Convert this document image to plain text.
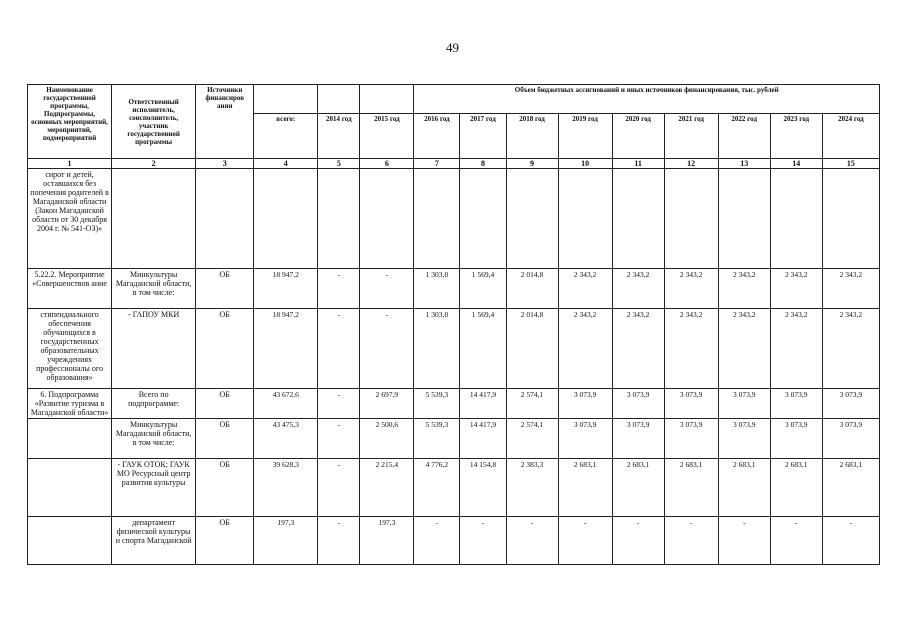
49
Наименование государственной программы, Подпрограммы, основных мероприятий, мероприятий, подмероприятий	Ответственный исполнитель, соисполнитель, участник государственной программы	Источники финансиров ания				Объем бюджетных ассигнований и иных источников финансирования, тыс. рублей								
			всего:	2014 год	2015 год	2016 год	2017 год	2018 год	2019 год	2020 год	2021 год	2022 год	2023 год	2024 год
1	2	3	4	5	6	7	8	9	10	11	12	13	14	15
сирот и детей, оставшихся без попечения родителей в Магаданской области (Закон Магаданской области от 30 декабря 2004 г. № 541-ОЗ)»														
5.22.2. Мероприятие «Совершенствов ание	Минкультуры Магаданской области, в том числе:	ОБ	18 947,2	-	-	1 303,8	1 569,4	2 014,8	2 343,2	2 343,2	2 343,2	2 343,2	2 343,2	2 343,2
стипендиального обеспечения обучающихся в государственных образовательных учреждениях профессионалы ого образования»	- ГАПОУ МКИ	ОБ	18 947,2	-	-	1 303,8	1 569,4	2 014,8	2 343,2	2 343,2	2 343,2	2 343,2	2 343,2	2 343,2
6. Подпрограмма «Развитие туризма в Магаданской области»	Всего по подпрограмме:	ОБ	43 672,6	-	2 697,9	5 539,3	14 417,9	2 574,1	3 073,9	3 073,9	3 073,9	3 073,9	3 073,9	3 073,9
	Минкультуры Магаданской области, в том числе:	ОБ	43 475,3	-	2 500,6	5 539,3	14 417,9	2 574,1	3 073,9	3 073,9	3 073,9	3 073,9	3 073,9	3 073,9
	- ГАУК ОТОК; ГАУК МО Ресурсный центр развития культуры	ОБ	39 628,3	-	2 215,4	4 776,2	14 154,8	2 383,3	2 683,1	2 683,1	2 683,1	2 683,1	2 683,1	2 683,1
	департамент физической культуры и спорта Магаданской	ОБ	197,3	-	197,3	-	-	-	-	-	-	-	-	-
